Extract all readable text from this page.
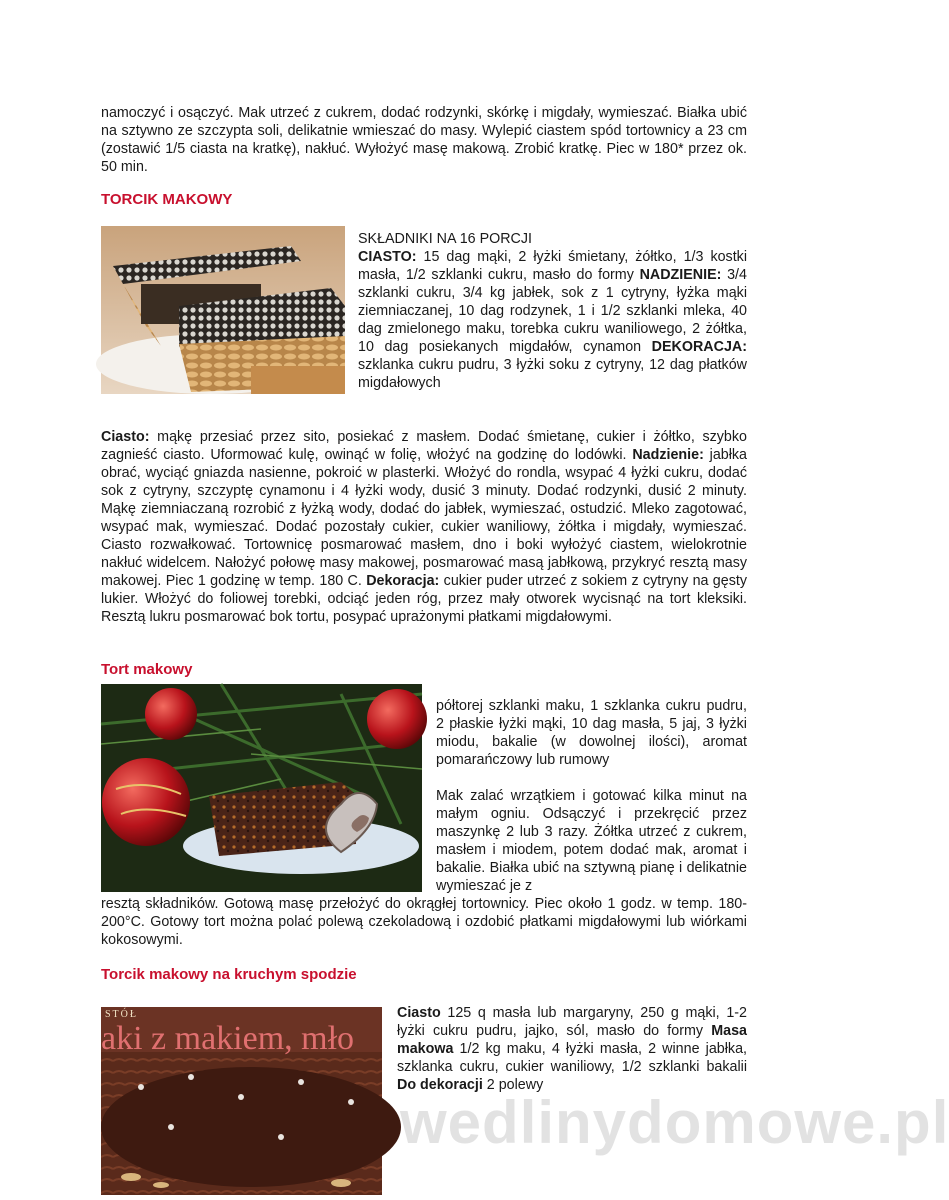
namoczyć i osączyć. Mak utrzeć z cukrem, dodać rodzynki, skórkę i migdały, wymieszać. Białka ubić na sztywno ze szczypta soli, delikatnie wmieszać do masy. Wylepić ciastem spód tortownicy a 23 cm (zostawić 1/5 ciasta na kratkę), nakłuć. Wyłożyć masę makową. Zrobić kratkę. Piec w 180* przez ok. 50 min.

TORCIK MAKOWY
SKŁADNIKI NA 16 PORCJI

CIASTO: 15 dag mąki, 2 łyżki śmietany, żółtko, 1/3 kostki masła, 1/2 szklanki cukru, masło do formy NADZIENIE: 3/4 szklanki cukru, 3/4 kg jabłek, sok z 1 cytryny, łyżka mąki ziemniaczanej, 10 dag rodzynek, 1 i 1/2 szklanki mleka, 40 dag zmielonego maku, torebka cukru waniliowego, 2 żółtka, 10 dag posiekanych migdałów, cynamon DEKORACJA: szklanka cukru pudru, 3 łyżki soku z cytryny, 12 dag płatków migdałowych

Ciasto: mąkę przesiać przez sito, posiekać z masłem. Dodać śmietanę, cukier i żółtko, szybko zagnieść ciasto. Uformować kulę, owinąć w folię, włożyć na godzinę do lodówki. Nadzienie: jabłka obrać, wyciąć gniazda nasienne, pokroić w plasterki. Włożyć do rondla, wsypać 4 łyżki cukru, dodać sok z cytryny, szczyptę cynamonu i 4 łyżki wody, dusić 3 minuty. Dodać rodzynki, dusić 2 minuty. Mąkę ziemniaczaną rozrobić z łyżką wody, dodać do jabłek, wymieszać, ostudzić. Mleko zagotować, wsypać mak, wymieszać. Dodać pozostały cukier, cukier waniliowy, żółtka i migdały, wymieszać. Ciasto rozwałkować. Tortownicę posmarować masłem, dno i boki wyłożyć ciastem, wielokrotnie nakłuć widelcem. Nałożyć połowę masy makowej, posmarować masą jabłkową, przykryć resztą masy makowej. Piec 1 godzinę w temp. 180 C. Dekoracja: cukier puder utrzeć z sokiem z cytryny na gęsty lukier. Włożyć do foliowej torebki, odciąć jeden róg, przez mały otworek wycisnąć na tort kleksiki. Resztą lukru posmarować bok tortu, posypać uprażonymi płatkami migdałowymi.

Tort makowy

półtorej szklanki maku, 1 szklanka cukru pudru, 2 płaskie łyżki mąki, 10 dag masła, 5 jaj, 3 łyżki miodu, bakalie (w dowolnej ilości), aromat pomarańczowy lub rumowy

Mak zalać wrzątkiem i gotować kilka minut na małym ogniu. Odsączyć i przekręcić przez maszynkę 2 lub 3 razy. Żółtka utrzeć z cukrem, masłem i miodem, potem dodać mak, aromat i bakalie. Białka ubić na sztywną pianę i delikatnie wymieszać je z

resztą składników. Gotową masę przełożyć do okrągłej tortownicy. Piec około 1 godz. w temp. 180-200°C. Gotowy tort można polać polewą czekoladową i ozdobić płatkami migdałowymi lub wiórkami kokosowymi.

Torcik makowy na kruchym spodzie
STÓŁ
aki z makiem, mło

Ciasto 125 q masła lub margaryny, 250 g mąki, 1-2 łyżki cukru pudru, jajko, sól, masło do formy Masa makowa 1/2 kg maku, 4 łyżki masła, 2 winne jabłka, szklanka cukru, cukier waniliowy, 1/2 szklanki bakalii Do dekoracji 2 polewy

wedlinydomowe.pl
